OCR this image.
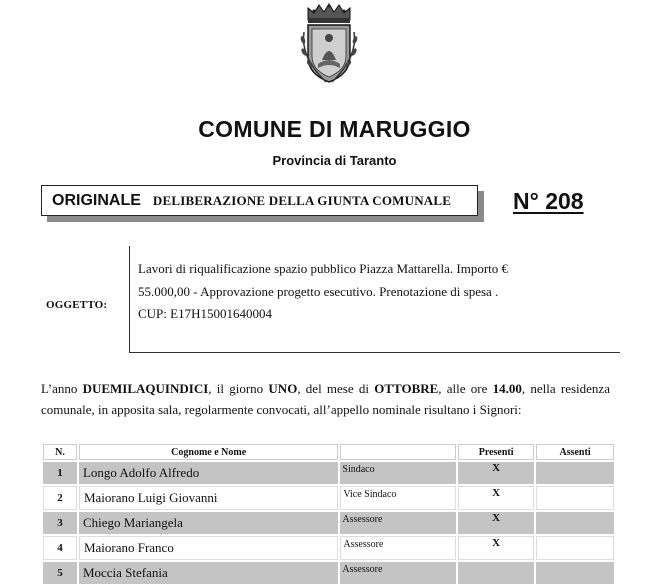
COMUNE DI MARUGGIO
Provincia di Taranto
ORIGINALE DELIBERAZIONE DELLA GIUNTA COMUNALE	N° 208
OGGETTO:
Lavori di riqualificazione spazio pubblico Piazza Mattarella. Importo €
55.000,00 - Approvazione progetto esecutivo. Prenotazione di spesa .
CUP: E17H15001640004
L’anno DUEMILAQUINDICI, il giorno UNO, del mese di OTTOBRE, alle ore 14.00, nella residenza comunale, in apposita sala, regolarmente convocati, all’appello nominale risultano i Signori:
N.	Cognome e Nome		Presenti	Assenti
1	Longo Adolfo Alfredo	Sindaco	X	
2	Maiorano Luigi Giovanni	Vice Sindaco	X	
3	Chiego Mariangela	Assessore	X	
4	Maiorano Franco	Assessore	X	
5	Moccia Stefania	Assessore		
